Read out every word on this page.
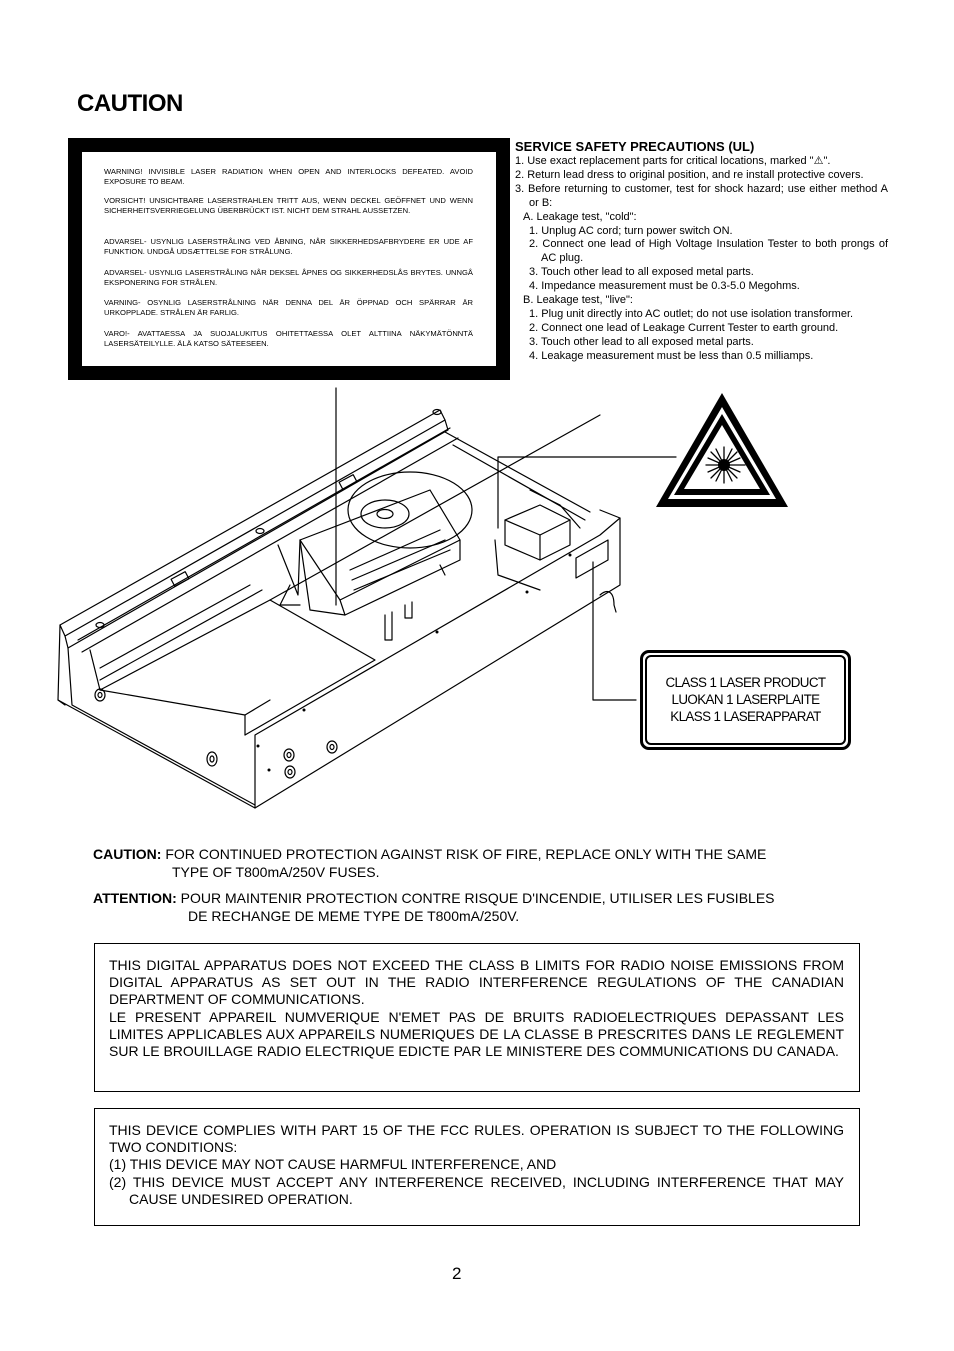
CAUTION
WARNING! INVISIBLE LASER RADIATION WHEN OPEN AND INTERLOCKS DEFEATED. AVOID EXPOSURE TO BEAM.
VORSICHT! UNSICHTBARE LASERSTRAHLEN TRITT AUS, WENN DECKEL GEÖFFNET UND WENN SICHERHEITSVERRIEGELUNG ÜBERBRÜCKT IST. NICHT DEM STRAHL AUSSETZEN.
ADVARSEL- USYNLIG LASERSTRÅLING VED ÅBNING, NÅR SIKKERHEDSAFBRYDERE ER UDE AF FUNKTION. UNDGÅ UDSÆTTELSE FOR STRÅLUNG.
ADVARSEL- USYNLIG LASERSTRÅLING NÅR DEKSEL ÅPNES OG SIKKERHEDSLÅS BRYTES. UNNGÅ EKSPONERING FOR STRÅLEN.
VARNING- OSYNLIG LASERSTRÅLNING NÄR DENNA DEL ÄR ÖPPNAD OCH SPÄRRAR ÄR URKOPPLADE. STRÅLEN ÄR FARLIG.
VARO!- AVATTAESSA JA SUOJALUKITUS OHITETTAESSA OLET ALTTIINA NÄKYMÄTÖNNTÄ LASERSÄTEILYLLE. ÄLÄ KATSO SÄTEESEEN.
SERVICE SAFETY PRECAUTIONS (UL)
1. Use exact replacement parts for critical locations, marked "⚠".
2. Return lead dress to original position, and re install protective covers.
3. Before returning to customer, test for shock hazard; use either method A or B:
A. Leakage test, "cold":
1. Unplug AC cord; turn power switch ON.
2. Connect one lead of High Voltage Insulation Tester to both prongs of AC plug.
3. Touch other lead to all exposed metal parts.
4. Impedance measurement must be 0.3-5.0 Megohms.
B. Leakage test, "live":
1. Plug unit directly into AC outlet; do not use isolation transformer.
2. Connect one lead of Leakage Current Tester to earth ground.
3. Touch other lead to all exposed metal parts.
4. Leakage measurement must be less than 0.5 milliamps.
CLASS 1 LASER PRODUCT
LUOKAN 1 LASERPLAITE
KLASS 1 LASERAPPARAT
CAUTION: FOR CONTINUED PROTECTION AGAINST RISK OF FIRE, REPLACE ONLY WITH THE SAME
TYPE OF T800mA/250V FUSES.
ATTENTION: POUR MAINTENIR PROTECTION CONTRE RISQUE D'INCENDIE, UTILISER LES FUSIBLES
DE RECHANGE DE MEME TYPE DE T800mA/250V.

THIS DIGITAL APPARATUS DOES NOT EXCEED THE CLASS B LIMITS FOR RADIO NOISE EMISSIONS FROM DIGITAL APPARATUS AS SET OUT IN THE RADIO INTERFERENCE REGULATIONS OF THE CANADIAN DEPARTMENT OF COMMUNICATIONS.

LE PRESENT APPAREIL NUMVERIQUE N'EMET PAS DE BRUITS RADIOELECTRIQUES DEPASSANT LES LIMITES APPLICABLES AUX APPAREILS NUMERIQUES DE LA CLASSE B PRESCRITES DANS LE REGLEMENT SUR LE BROUILLAGE RADIO ELECTRIQUE EDICTE PAR LE MINISTERE DES COMMUNICATIONS DU CANADA.

THIS DEVICE COMPLIES WITH PART 15 OF THE FCC RULES. OPERATION IS SUBJECT TO THE FOLLOWING TWO CONDITIONS:

(1) THIS DEVICE MAY NOT CAUSE HARMFUL INTERFERENCE, AND

(2) THIS DEVICE MUST ACCEPT ANY INTERFERENCE RECEIVED, INCLUDING INTERFERENCE THAT MAY CAUSE UNDESIRED OPERATION.

2
